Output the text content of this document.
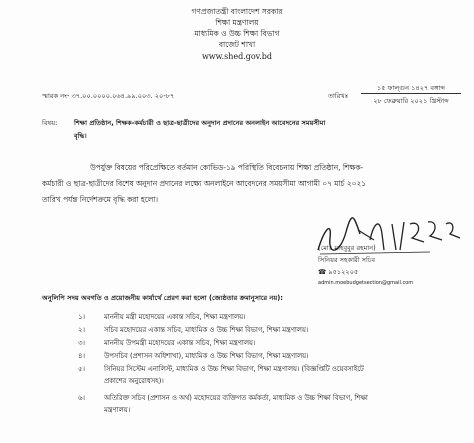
গণপ্রজাতন্ত্রী বাংলাদেশ সরকার
শিক্ষা মন্ত্রণালয়
মাধ্যমিক ও উচ্চ শিক্ষা বিভাগ
বাজেট শাখা
www.shed.gov.bd
স্মারক নং- ৩৭.০০.০০০০.০৬৪.৯৯.০০৩. ২০-৮৭	তারিখঃ
১৫ ফাল্গুন ১৪২৭ বঙ্গাব্দ
২৮ ফেব্রুয়ারি ২০২১ খ্রিস্টাব্দ
বিষয়:	শিক্ষা প্রতিষ্ঠান, শিক্ষক-কর্মচারী ও ছাত্র-ছাত্রীদের অনুদান প্রদানের অনলাইন আবেদনের সময়সীমা
বৃদ্ধি।
উপর্যুক্ত বিষয়ের পরিপ্রেক্ষিতে বর্তমান কোভিড-১৯ পরিস্থিতি বিবেচনায় শিক্ষা প্রতিষ্ঠান, শিক্ষক-
কর্মচারী ও ছাত্র-ছাত্রীদের বিশেষ অনুদান প্রদানের লক্ষ্যে অনলাইনে আবেদনের সময়সীমা আগামী ০৭ মার্চ ২০২১
তারিখ পর্যন্ত নির্দেশক্রমে বৃদ্ধি করা হলো।
(মোঃ মাহবুবুর রহমান)
সিনিয়র সহকারী সচিব
☎ ৯৫১২২০৫
admin.moebudgetsection@gmail.com
অনুলিপি সদয় অবগতি ও প্রয়োজনীয় কার্যার্থে প্রেরণ করা হলো (জ্যেষ্ঠতার ক্রমানুসারে নয়):
১।	মাননীয় মন্ত্রী মহোদয়ের একান্ত সচিব, শিক্ষা মন্ত্রণালয়।
২।	সচিব মহোদয়ের একান্ত সচিব, মাধ্যমিক ও উচ্চ শিক্ষা বিভাগ, শিক্ষা মন্ত্রণালয়।
৩।	মাননীয় উপমন্ত্রী মহোদয়ের একান্ত সচিব, শিক্ষা মন্ত্রণালয়।
৪।	উপসচিব (প্রশাসন অধিশাখা), মাধ্যমিক ও উচ্চ শিক্ষা বিভাগ, শিক্ষা মন্ত্রণালয়।
৫।	সিনিয়র সিস্টেম এনালিস্ট, মাধ্যমিক ও উচ্চ শিক্ষা বিভাগ, শিক্ষা মন্ত্রণালয়। (বিজ্ঞপ্তিটি ওয়েবসাইটে
প্রকাশের অনুরোধসহ)।
৬।	অতিরিক্ত সচিব (প্রশাসন ও অর্থ) মহোদয়ের ব্যক্তিগত কর্মকর্তা, মাধ্যমিক ও উচ্চ শিক্ষা বিভাগ, শিক্ষা
মন্ত্রণালয়।
